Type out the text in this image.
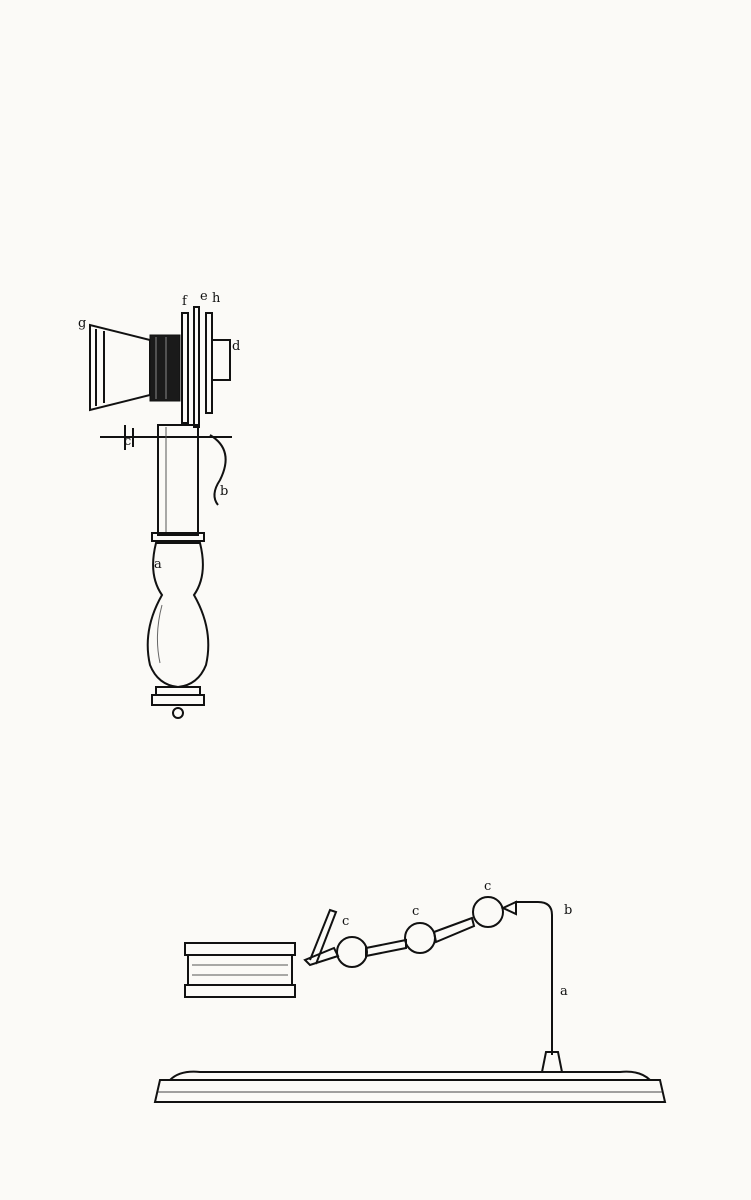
f e h
g
d
c
b
a
a
b
c
c
c
